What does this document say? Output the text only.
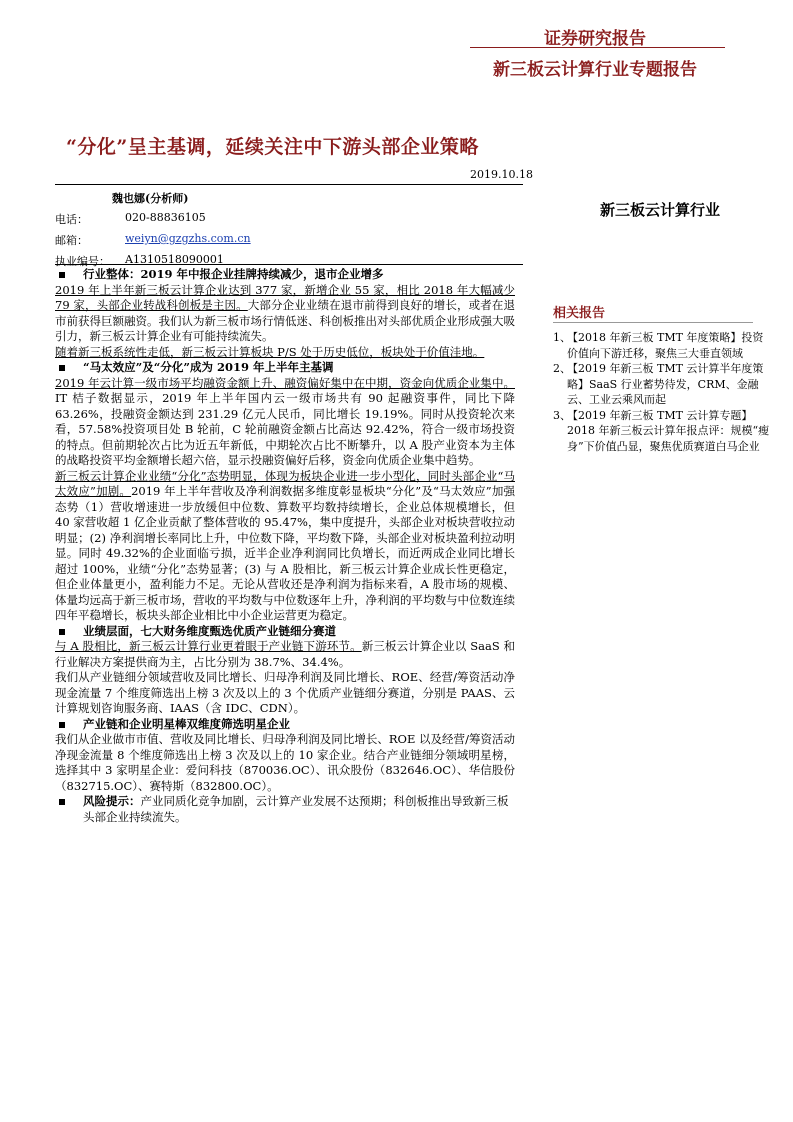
证券研究报告
新三板云计算行业专题报告
“分化”呈主基调，延续关注中下游头部企业策略
2019.10.18
新三板云计算行业
魏也娜(分析师)
电话：	020-88836105
邮箱：	weiyn@gzgzhs.com.cn
执业编号： A1310518090001
行业整体：2019 年中报企业挂牌持续减少，退市企业增多

2019 年上半年新三板云计算企业达到 377 家，新增企业 55 家，相比 2018 年大幅减少 79 家，头部企业转战科创板是主因。大部分企业业绩在退市前得到良好的增长，或者在退市前获得巨额融资。我们认为新三板市场行情低迷、科创板推出对头部优质企业形成强大吸引力，新三板云计算企业有可能持续流失。

随着新三板系统性走低，新三板云计算板块 P/S 处于历史低位，板块处于价值洼地。

“马太效应”及“分化”成为 2019 年上半年主基调

2019 年云计算一级市场平均融资金额上升、融资偏好集中在中期，资金向优质企业集中。IT 桔子数据显示，2019 年上半年国内云一级市场共有 90 起融资事件，同比下降 63.26%，投融资金额达到 231.29 亿元人民币，同比增长 19.19%。同时从投资轮次来看，57.58%投资项目处 B 轮前，C 轮前融资金额占比高达 92.42%，符合一级市场投资的特点。但前期轮次占比为近五年新低，中期轮次占比不断攀升，以 A 股产业资本为主体的战略投资平均金额增长超六倍，显示投融资偏好后移，资金向优质企业集中趋势。

新三板云计算企业业绩“分化”态势明显，体现为板块企业进一步小型化，同时头部企业“马太效应”加剧。2019 年上半年营收及净利润数据多维度彰显板块“分化”及“马太效应”加强态势（1）营收增速进一步放缓但中位数、算数平均数持续增长，企业总体规模增长，但 40 家营收超 1 亿企业贡献了整体营收的 95.47%，集中度提升，头部企业对板块营收拉动明显；(2) 净利润增长率同比上升，中位数下降，平均数下降，头部企业对板块盈利拉动明显。同时 49.32%的企业面临亏损，近半企业净利润同比负增长，而近两成企业同比增长超过 100%，业绩“分化”态势显著；(3) 与 A 股相比，新三板云计算企业成长性更稳定，但企业体量更小，盈利能力不足。无论从营收还是净利润为指标来看，A 股市场的规模、体量均远高于新三板市场，营收的平均数与中位数逐年上升，净利润的平均数与中位数连续四年平稳增长，板块头部企业相比中小企业运营更为稳定。

业绩层面，七大财务维度甄选优质产业链细分赛道

与 A 股相比，新三板云计算行业更着眼于产业链下游环节。新三板云计算企业以 SaaS 和行业解决方案提供商为主，占比分别为 38.7%、34.4%。

我们从产业链细分领域营收及同比增长、归母净利润及同比增长、ROE、经营/筹资活动净现金流量 7 个维度筛选出上榜 3 次及以上的 3 个优质产业链细分赛道，分别是 PAAS、云计算规划咨询服务商、IAAS（含 IDC、CDN）。

产业链和企业明星棒双维度筛选明星企业

我们从企业做市市值、营收及同比增长、归母净利润及同比增长、ROE 以及经营/筹资活动净现金流量 8 个维度筛选出上榜 3 次及以上的 10 家企业。结合产业链细分领域明星榜，选择其中 3 家明星企业：爱问科技（870036.OC）、讯众股份（832646.OC）、华信股份（832715.OC）、赛特斯（832800.OC）。

风险提示：产业同质化竞争加剧，云计算产业发展不达预期；科创板推出导致新三板头部企业持续流失。
相关报告
1、
【2018 年新三板 TMT 年度策略】投资价值向下游迁移，聚焦三大垂直领域
2、
【2019 年新三板 TMT 云计算半年度策略】SaaS 行业蓄势待发，CRM、金融云、工业云乘风而起
3、
【2019 年新三板 TMT 云计算专题】2018 年新三板云计算年报点评：规模“瘦身”下价值凸显，聚焦优质赛道白马企业
